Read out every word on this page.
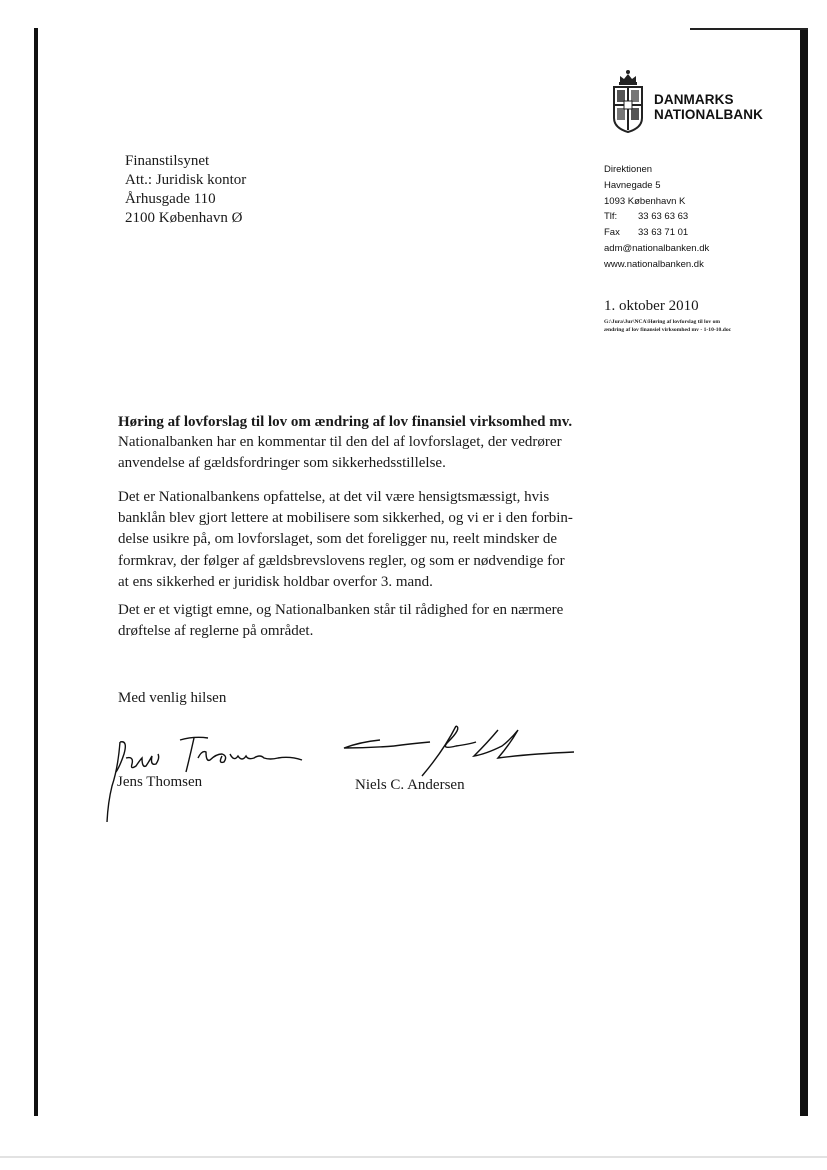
DANMARKS
NATIONALBANK
Finanstilsynet
Att.: Juridisk kontor
Århusgade 110
2100 København Ø
Direktionen
Havnegade 5
1093 København K
Tlf: 33 63 63 63
Fax 33 63 71 01
adm@nationalbanken.dk
www.nationalbanken.dk
1. oktober 2010
G:\Jura\Jur\NCA\Høring af lovforslag til lov om
ændring af lov finansiel virksomhed mv - 1-10-10.doc
Høring af lovforslag til lov om ændring af lov finansiel virksomhed mv.
Nationalbanken har en kommentar til den del af lovforslaget, der vedrører
anvendelse af gældsfordringer som sikkerhedsstillelse.
Det er Nationalbankens opfattelse, at det vil være hensigtsmæssigt, hvis
banklån blev gjort lettere at mobilisere som sikkerhed, og vi er i den forbin-
delse usikre på, om lovforslaget, som det foreligger nu, reelt mindsker de
formkrav, der følger af gældsbrevslovens regler, og som er nødvendige for
at ens sikkerhed er juridisk holdbar overfor 3. mand.
Det er et vigtigt emne, og Nationalbanken står til rådighed for en nærmere
drøftelse af reglerne på området.
Med venlig hilsen
Jens Thomsen	Niels C. Andersen
